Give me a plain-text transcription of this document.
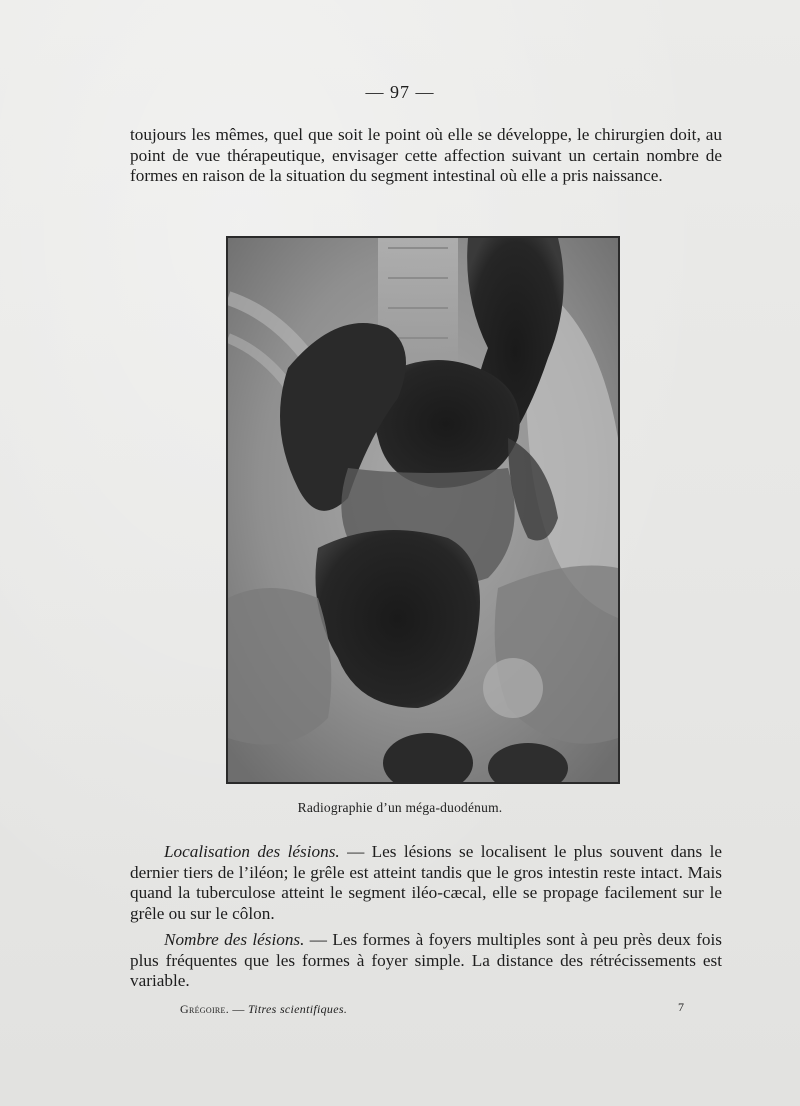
— 97 —

toujours les mêmes, quel que soit le point où elle se développe, le chirurgien doit, au point de vue thérapeutique, envisager cette affection suivant un certain nombre de formes en raison de la situation du segment intestinal où elle a pris naissance.

Radiographie d’un méga-duodénum.

Localisation des lésions. — Les lésions se localisent le plus souvent dans le dernier tiers de l’iléon; le grêle est atteint tandis que le gros intestin reste intact. Mais quand la tuberculose atteint le segment iléo-cæcal, elle se propage facilement sur le grêle ou sur le côlon.

Nombre des lésions. — Les formes à foyers multiples sont à peu près deux fois plus fréquentes que les formes à foyer simple. La distance des rétrécissements est variable.

Grégoire. — Titres scientifiques.	7
